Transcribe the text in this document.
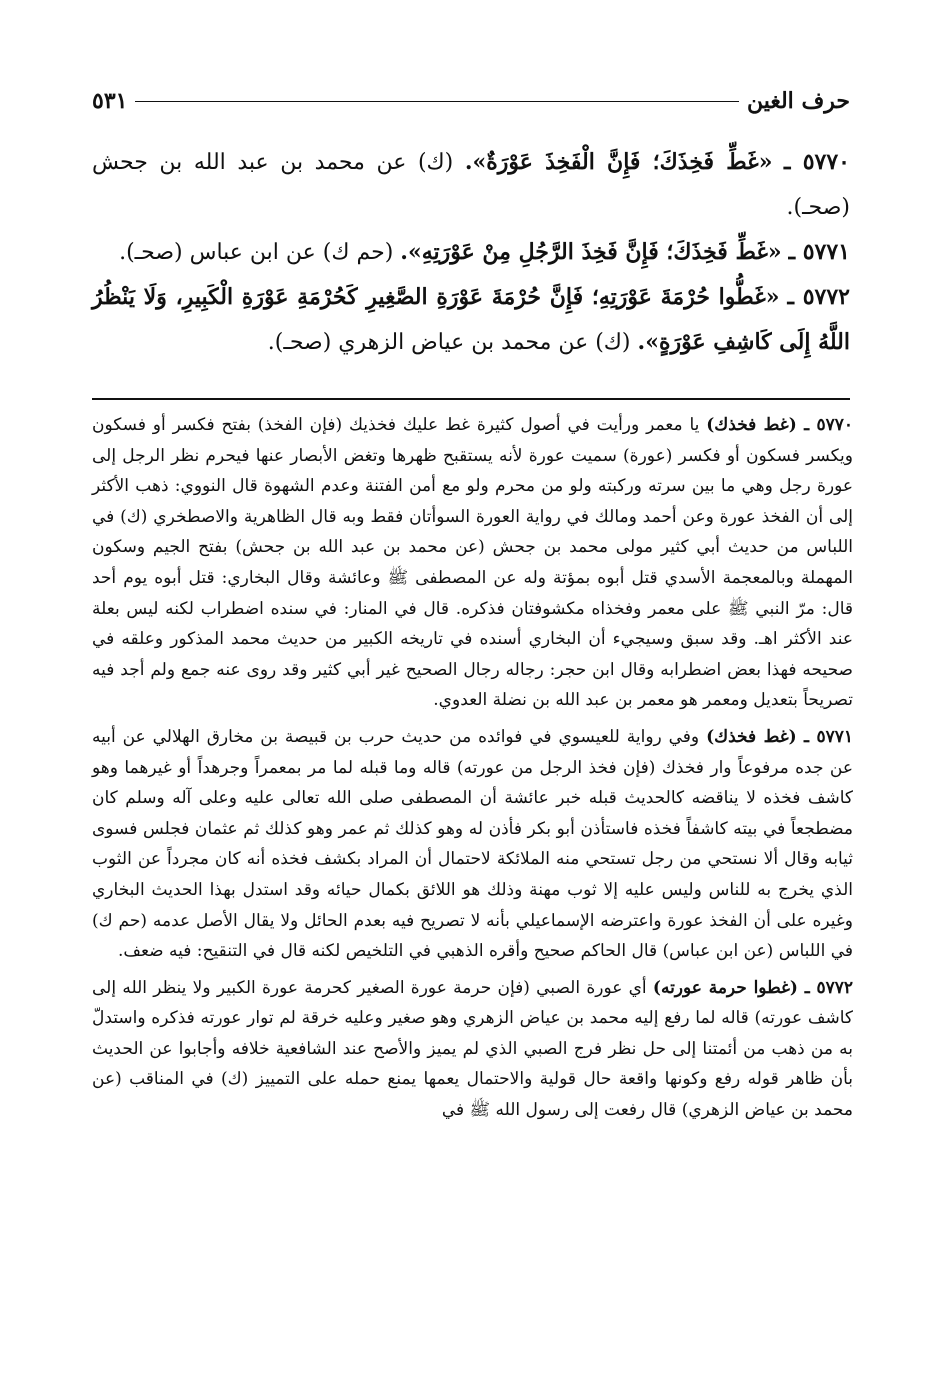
حرف الغين
٥٣١

٥٧٧٠ ـ «غَطِّ فَخِذَكَ؛ فَإِنَّ الْفَخِذَ عَوْرَةٌ». (ك) عن محمد بن عبد الله بن جحش (صحـ).

٥٧٧١ ـ «غَطِّ فَخِذَكَ؛ فَإِنَّ فَخِذَ الرَّجُلِ مِنْ عَوْرَتِهِ». (حم ك) عن ابن عباس (صحـ).

٥٧٧٢ ـ «غَطُّوا حُرْمَةَ عَوْرَتِهِ؛ فَإِنَّ حُرْمَةَ عَوْرَةِ الصَّغِيرِ كَحُرْمَةِ عَوْرَةِ الْكَبِيرِ، وَلَا يَنْظُرُ اللَّهُ إِلَى كَاشِفِ عَوْرَةٍ». (ك) عن محمد بن عياض الزهري (صحـ).

٥٧٧٠ ـ (غط فخذك) يا معمر ورأيت في أصول كثيرة غط عليك فخذيك (فإن الفخذ) بفتح فكسر أو فسكون ويكسر فسكون أو فكسر (عورة) سميت عورة لأنه يستقبح ظهرها وتغض الأبصار عنها فيحرم نظر الرجل إلى عورة رجل وهي ما بين سرته وركبته ولو من محرم ولو مع أمن الفتنة وعدم الشهوة قال النووي: ذهب الأكثر إلى أن الفخذ عورة وعن أحمد ومالك في رواية العورة السوأتان فقط وبه قال الظاهرية والاصطخري (ك) في اللباس من حديث أبي كثير مولى محمد بن جحش (عن محمد بن عبد الله بن جحش) بفتح الجيم وسكون المهملة وبالمعجمة الأسدي قتل أبوه بمؤتة وله عن المصطفى ﷺ وعائشة وقال البخاري: قتل أبوه يوم أحد قال: مرّ النبي ﷺ على معمر وفخذاه مكشوفتان فذكره. قال في المنار: في سنده اضطراب لكنه ليس بعلة عند الأكثر اهـ. وقد سبق وسيجيء أن البخاري أسنده في تاريخه الكبير من حديث محمد المذكور وعلقه في صحيحه فهذا بعض اضطرابه وقال ابن حجر: رجاله رجال الصحيح غير أبي كثير وقد روى عنه جمع ولم أجد فيه تصريحاً بتعديل ومعمر هو معمر بن عبد الله بن نضلة العدوي.

٥٧٧١ ـ (غط فخذك) وفي رواية للعيسوي في فوائده من حديث حرب بن قبيصة بن مخارق الهلالي عن أبيه عن جده مرفوعاً وار فخذك (فإن فخذ الرجل من عورته) قاله وما قبله لما مر بمعمراً وجرهداً أو غيرهما وهو كاشف فخذه لا يناقضه كالحديث قبله خبر عائشة أن المصطفى صلى الله تعالى عليه وعلى آله وسلم كان مضطجعاً في بيته كاشفاً فخذه فاستأذن أبو بكر فأذن له وهو كذلك ثم عمر وهو كذلك ثم عثمان فجلس فسوى ثيابه وقال ألا نستحي من رجل تستحي منه الملائكة لاحتمال أن المراد بكشف فخذه أنه كان مجرداً عن الثوب الذي يخرج به للناس وليس عليه إلا ثوب مهنة وذلك هو اللائق بكمال حيائه وقد استدل بهذا الحديث البخاري وغيره على أن الفخذ عورة واعترضه الإسماعيلي بأنه لا تصريح فيه بعدم الحائل ولا يقال الأصل عدمه (حم ك) في اللباس (عن ابن عباس) قال الحاكم صحيح وأقره الذهبي في التلخيص لكنه قال في التنقيح: فيه ضعف.

٥٧٧٢ ـ (غطوا حرمة عورته) أي عورة الصبي (فإن حرمة عورة الصغير كحرمة عورة الكبير ولا ينظر الله إلى كاشف عورته) قاله لما رفع إليه محمد بن عياض الزهري وهو صغير وعليه خرقة لم توار عورته فذكره واستدلّ به من ذهب من أئمتنا إلى حل نظر فرج الصبي الذي لم يميز والأصح عند الشافعية خلافه وأجابوا عن الحديث بأن ظاهر قوله رفع وكونها واقعة حال قولية والاحتمال يعمها يمنع حمله على التمييز (ك) في المناقب (عن محمد بن عياض الزهري) قال رفعت إلى رسول الله ﷺ في
